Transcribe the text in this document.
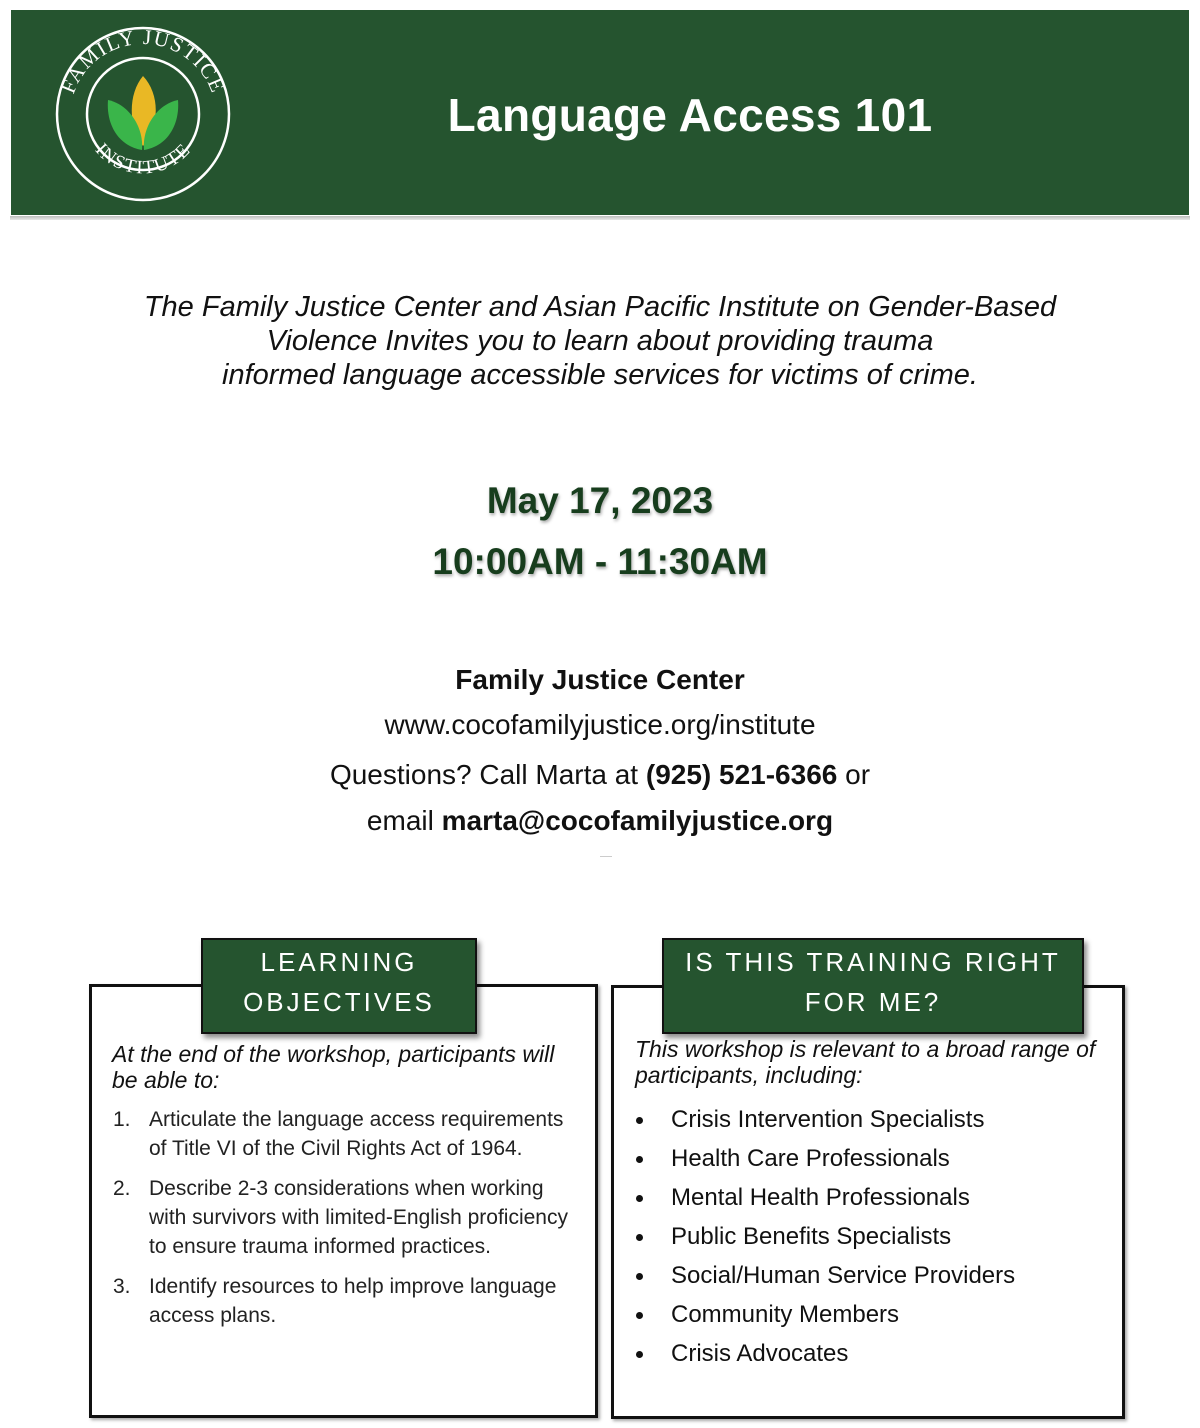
FAMILY JUSTICE
INSTITUTE
Language Access 101
The Family Justice Center and Asian Pacific Institute on Gender-Based
Violence Invites you to learn about providing trauma
informed language accessible services for victims of crime.
May 17, 2023
10:00AM - 11:30AM
Family Justice Center
www.cocofamilyjustice.org/institute
Questions? Call Marta at (925) 521-6366 or
email marta@cocofamilyjustice.org
At the end of the workshop, participants will be able to:
1. Articulate the language access requirements of Title VI of the Civil Rights Act of 1964.
2. Describe 2-3 considerations when working with survivors with limited-English proficiency to ensure trauma informed practices.
3. Identify resources to help improve language access plans.
LEARNING
OBJECTIVES
This workshop is relevant to a broad range of participants, including:
Crisis Intervention Specialists
Health Care Professionals
Mental Health Professionals
Public Benefits Specialists
Social/Human Service Providers
Community Members
Crisis Advocates
IS THIS TRAINING RIGHT
FOR ME?
